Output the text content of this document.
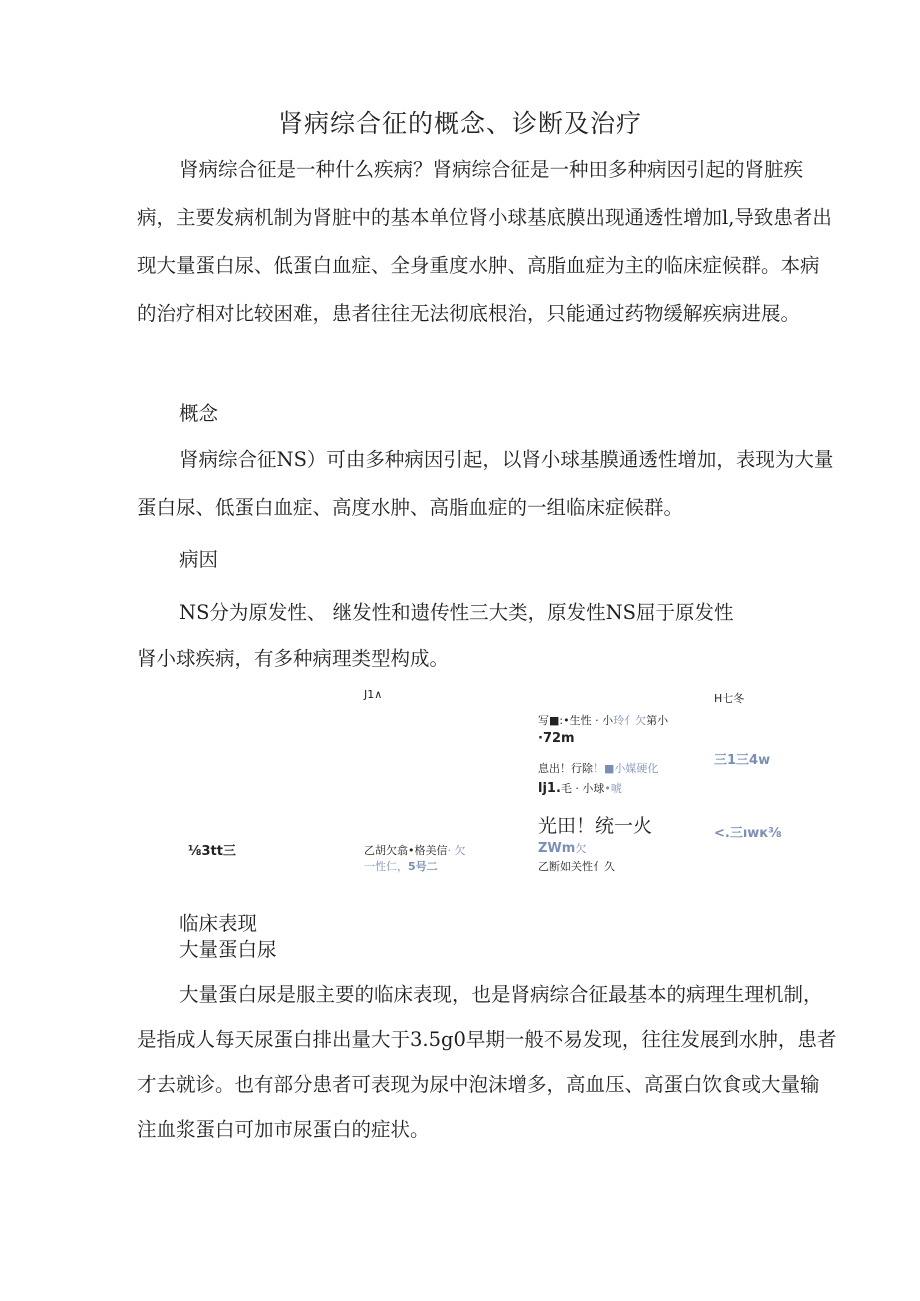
肾病综合征的概念、诊断及治疗
肾病综合征是一种什么疾病？肾病综合征是一种田多种病因引起的肾脏疾病，主要发病机制为肾脏中的基本单位肾小球基底膜出现通透性增加l,导致患者出现大量蛋白尿、低蛋白血症、全身重度水肿、高脂血症为主的临床症候群。本病的治疗相对比较困难，患者往往无法彻底根治，只能通过药物缓解疾病进展。
概念
肾病综合征NS）可由多种病因引起，以肾小球基膜通透性增加，表现为大量蛋白尿、低蛋白血症、高度水肿、高脂血症的一组临床症候群。
病因
NS分为原发性、 继发性和遗传性三大类，原发性NS屈于原发性
肾小球疾病，有多种病理类型构成。
J1∧	H七冬
写■:•生性 · 小玲亻欠第小
·72m
息出！行除！■小媒硬化
lj1.毛 · 小球•唬
光田！统一火
ZWm欠
乙断如关性亻久
三1三4w
<.三ıwк⅜
⅛3tt三	乙胡欠翕•格美信· 欠
一性仁，5号二
临床表现
大量蛋白尿
大量蛋白尿是服主要的临床表现，也是肾病综合征最基本的病理生理机制，是指成人每天尿蛋白排出量大于3.5g0早期一般不易发现，往往发展到水肿，患者才去就诊。也有部分患者可表现为尿中泡沫增多，高血压、高蛋白饮食或大量输注血浆蛋白可加市尿蛋白的症状。
